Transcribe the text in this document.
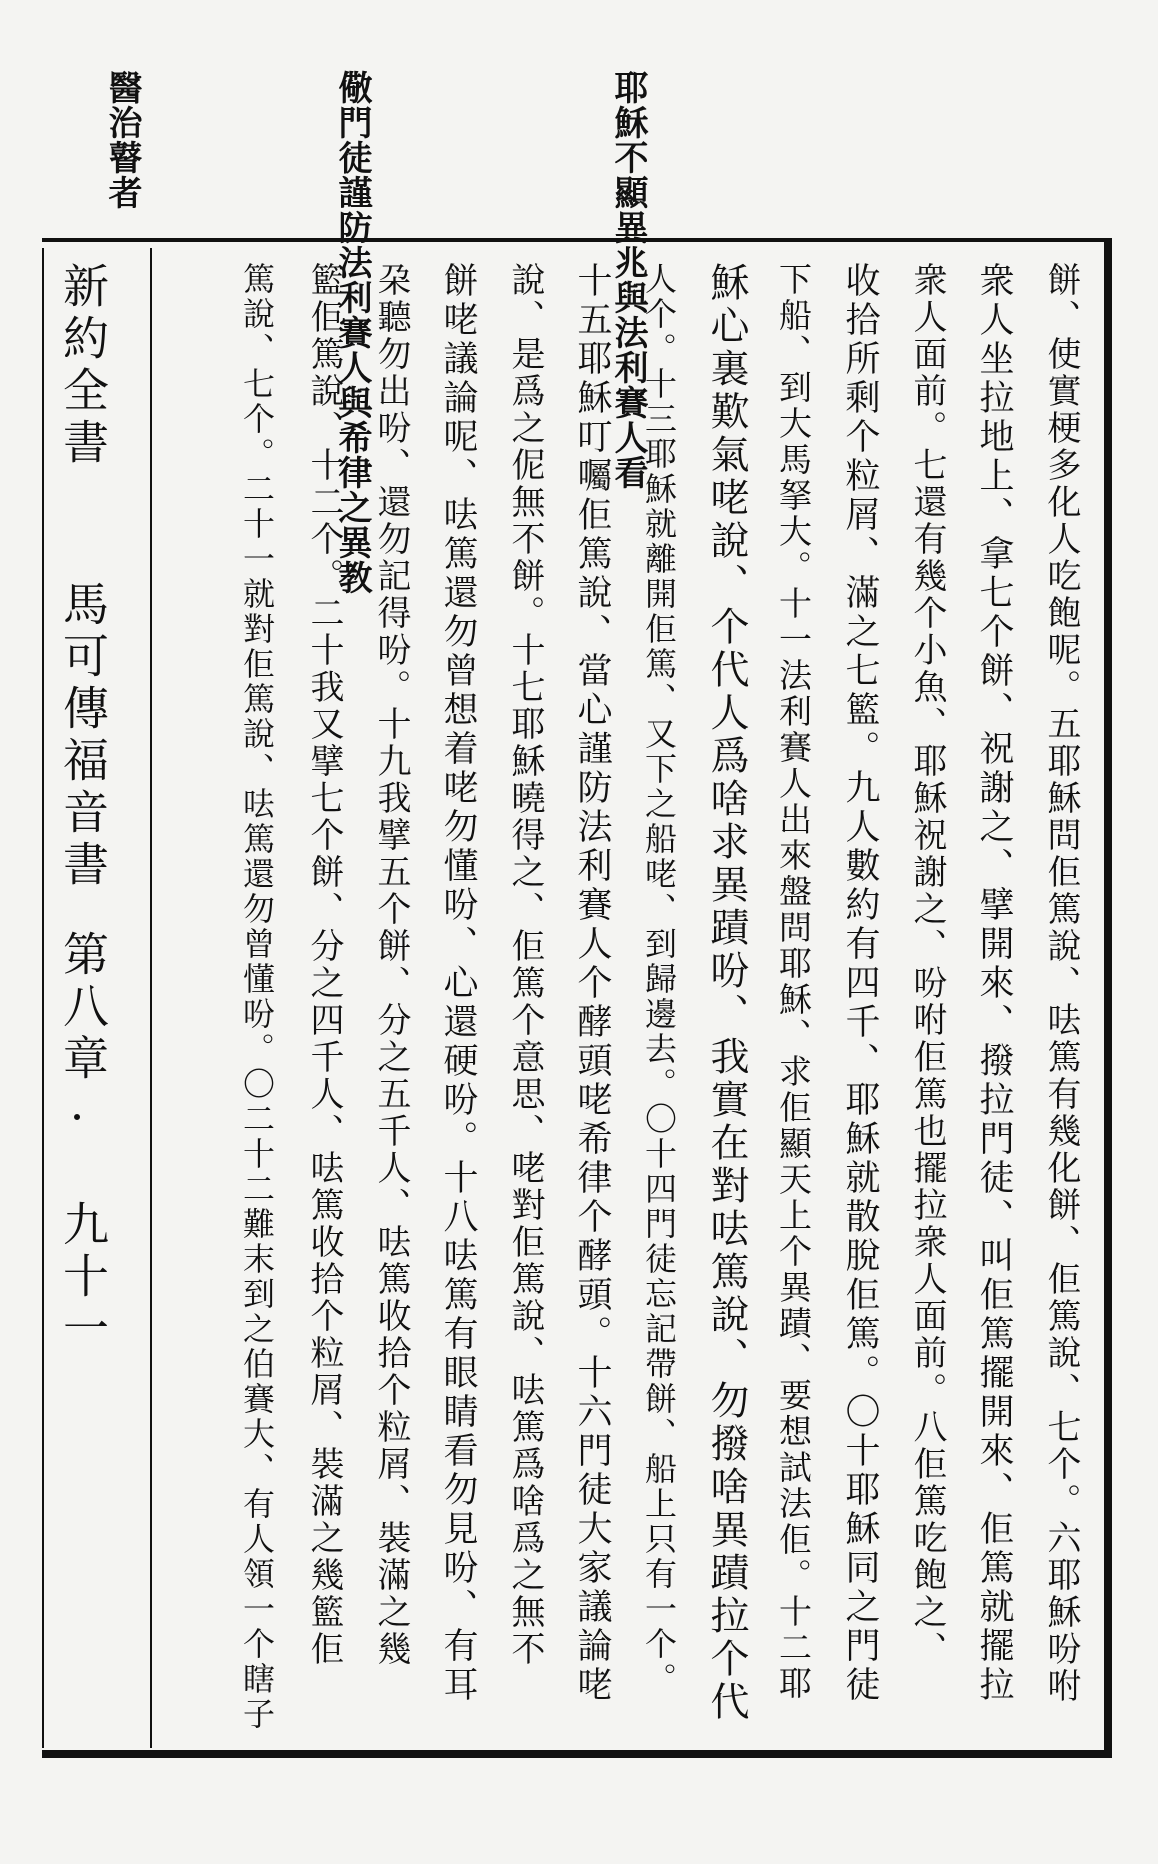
耶穌不顯異兆與法利賽人看
儆門徒謹防法利賽人與希律之異教
醫治瞽者
新約全書
馬可傳福音書
第八章
·
九十一	餅、使實梗多化人吃飽呢。五耶穌問佢篤說、呿篤有幾化餅、佢篤說、七个。六耶穌吩咐
衆人坐拉地上、拿七个餅、祝謝之、擘開來、撥拉門徒、叫佢篤擺開來、佢篤就擺拉
衆人面前。七還有幾个小魚、耶穌祝謝之、吩咐佢篤也擺拉衆人面前。八佢篤吃飽之、
收拾所剩个粒屑、滿之七籃。九人數約有四千、耶穌就散脫佢篤。〇十耶穌同之門徒
下船、到大馬拏大。十一法利賽人出來盤問耶穌、求佢顯天上个異蹟、要想試法佢。十二耶
穌心裏歎氣咾說、个代人爲啥求異蹟吩、我實在對呿篤說、勿撥啥異蹟拉个代
人个。十三耶穌就離開佢篤、又下之船咾、到歸邊去。〇十四門徒忘記帶餅、船上只有一个。
十五耶穌叮囑佢篤說、當心謹防法利賽人个酵頭咾希律个酵頭。十六門徒大家議論咾
說、是爲之伲無不餅。十七耶穌曉得之、佢篤个意思、咾對佢篤說、呿篤爲啥爲之無不
餅咾議論呢、呿篤還勿曾想着咾勿懂吩、心還硬吩。十八呿篤有眼睛看勿見吩、有耳
朶聽勿出吩、還勿記得吩。十九我擘五个餅、分之五千人、呿篤收拾个粒屑、裝滿之幾
籃佢篤說、十二个。二十我又擘七个餅、分之四千人、呿篤收拾个粒屑、裝滿之幾籃佢
篤說、七个。二十一就對佢篤說、呿篤還勿曾懂吩。〇二十二難末到之伯賽大、有人領一个瞎子
